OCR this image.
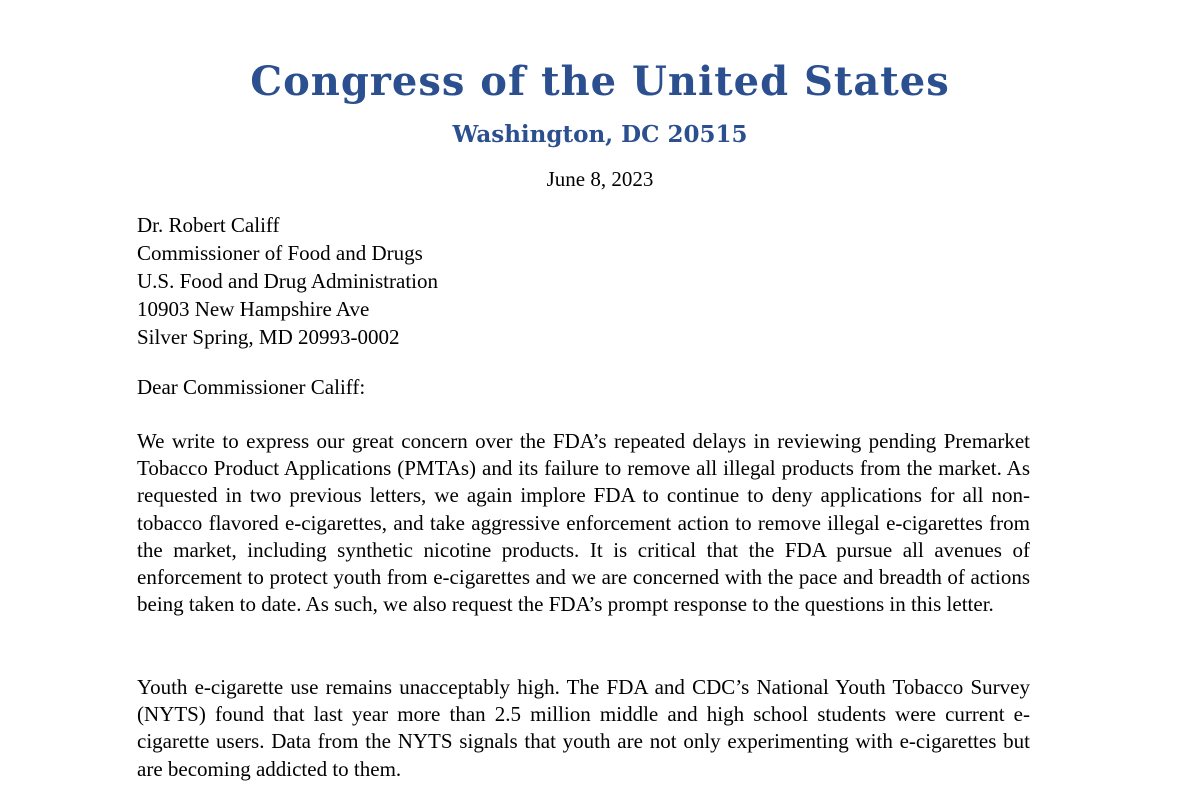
Congress of the United States
Washington, DC 20515
June 8, 2023
Dr. Robert Califf
Commissioner of Food and Drugs
U.S. Food and Drug Administration
10903 New Hampshire Ave
Silver Spring, MD 20993-0002
Dear Commissioner Califf:

We write to express our great concern over the FDA’s repeated delays in reviewing pending Premarket Tobacco Product Applications (PMTAs) and its failure to remove all illegal products from the market. As requested in two previous letters, we again implore FDA to continue to deny applications for all non-tobacco flavored e-cigarettes, and take aggressive enforcement action to remove illegal e-cigarettes from the market, including synthetic nicotine products. It is critical that the FDA pursue all avenues of enforcement to protect youth from e-cigarettes and we are concerned with the pace and breadth of actions being taken to date. As such, we also request the FDA’s prompt response to the questions in this letter.

Youth e-cigarette use remains unacceptably high. The FDA and CDC’s National Youth Tobacco Survey (NYTS) found that last year more than 2.5 million middle and high school students were current e-cigarette users. Data from the NYTS signals that youth are not only experimenting with e-cigarettes but are becoming addicted to them.
